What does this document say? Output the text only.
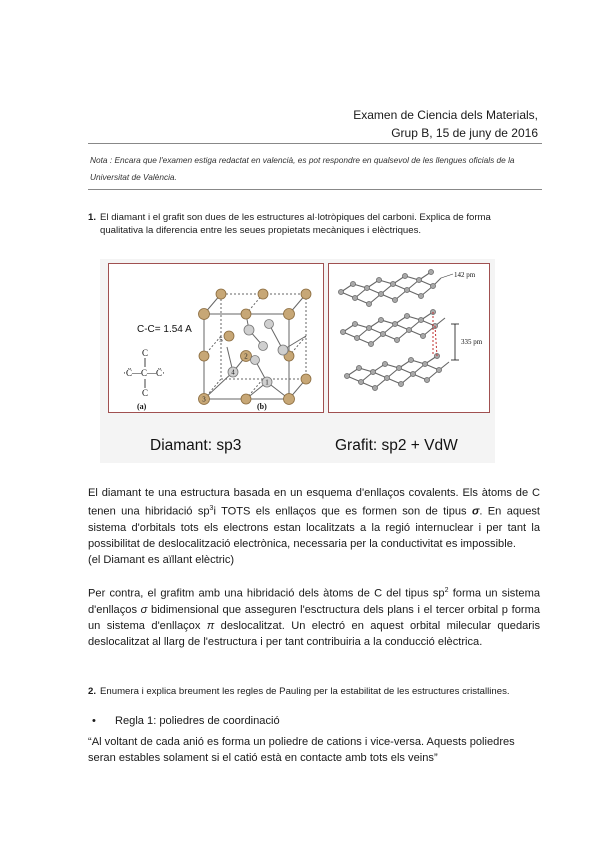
Examen de Ciencia dels Materials,
Grup B, 15 de juny de 2016
Nota : Encara que l'examen estiga redactat en valencià, es pot respondre en qualsevol de les llengues oficials de la Universitat de València.
1. El diamant i el grafit son dues de les estructures al·lotròpiques del carboni. Explica de forma qualitativa la diferencia entre les seues propietats mecàniques i elèctriques.
3
2
1
4
5
C-C= 1.54 A
C
·C̈—C—C̈·
C
(a)	(b)
142 pm
335 pm
Diamant: sp3	Grafit: sp2 + VdW
El diamant te una estructura basada en un esquema d'enllaços covalents. Els àtoms de C tenen una hibridació $sp^3i$ TOTS els enllaços que es formen son de tipus σ. En aquest sistema d'orbitals tots els electrons estan localitzats a la regió internuclear i per tant la possibilitat de deslocalització electrònica, necessaria per la conductivitat es impossible.
(el Diamant es aïllant elèctric)
Per contra, el grafitm amb una hibridació dels àtoms de C del tipus $sp^2$ forma un sistema d'enllaços σ bidimensional que asseguren l'esctructura dels plans i el tercer orbital p forma un sistema d'enllaçox π deslocalitzat. Un electró en aquest orbital milecular quedaris deslocalitzat al llarg de l'estructura i per tant contribuiria a la conducció elèctrica.
2. Enumera i explica breument les regles de Pauling per la estabilitat de les estructures cristallines.
• Regla 1: poliedres de coordinació
“Al voltant de cada anió es forma un poliedre de cations i vice-versa. Aquests poliedres seran estables solament si el catió està en contacte amb tots els veins”
